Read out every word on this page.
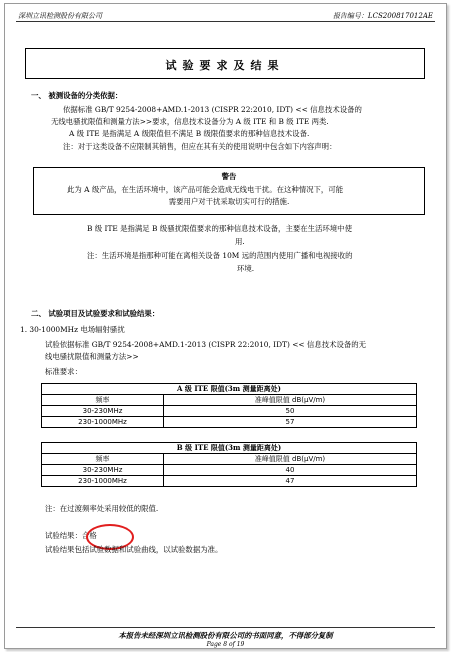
深圳立讯检测股份有限公司	报告编号：LCS200817012AE
试验要求及结果
一、 被测设备的分类依据：
依据标准 GB/T 9254-2008+AMD.1-2013 (CISPR 22:2010, IDT) << 信息技术设备的
无线电骚扰限值和测量方法>>要求，信息技术设备分为 A 级 ITE 和 B 级 ITE 两类.
A 级 ITE 是指满足 A 级限值但不满足 B 级限值要求的那种信息技术设备.
注：对于这类设备不应限制其销售，但应在其有关的使用说明中包含如下内容声明：
警告
此为 A 级产品，在生活环境中，该产品可能会造成无线电干扰。在这种情况下，可能
需要用户对干扰采取切实可行的措施.
B 级 ITE 是指满足 B 级骚扰限值要求的那种信息技术设备，主要在生活环境中使
用.
注：生活环境是指那种可能在离相关设备 10M 远的范围内使用广播和电视接收的
环境.
二、 试验项目及试验要求和试验结果：
1. 30-1000MHz 电场辐射骚扰
试验依据标准 GB/T 9254-2008+AMD.1-2013 (CISPR 22:2010, IDT) << 信息技术设备的无
线电骚扰限值和测量方法>>
标准要求：
A 级 ITE 限值(3m 测量距离处)	
频率	准峰值限值 dB(μV/m)
30-230MHz	50
230-1000MHz	57
B 级 ITE 限值(3m 测量距离处)	
频率	准峰值限值 dB(μV/m)
30-230MHz	40
230-1000MHz	47
注：在过渡频率处采用较低的限值.
试验结果：合格
试验结果包括试验数据和试验曲线，以试验数据为准。
本报告未经深圳立讯检测股份有限公司的书面同意，不得部分复制
Page 8 of 19
